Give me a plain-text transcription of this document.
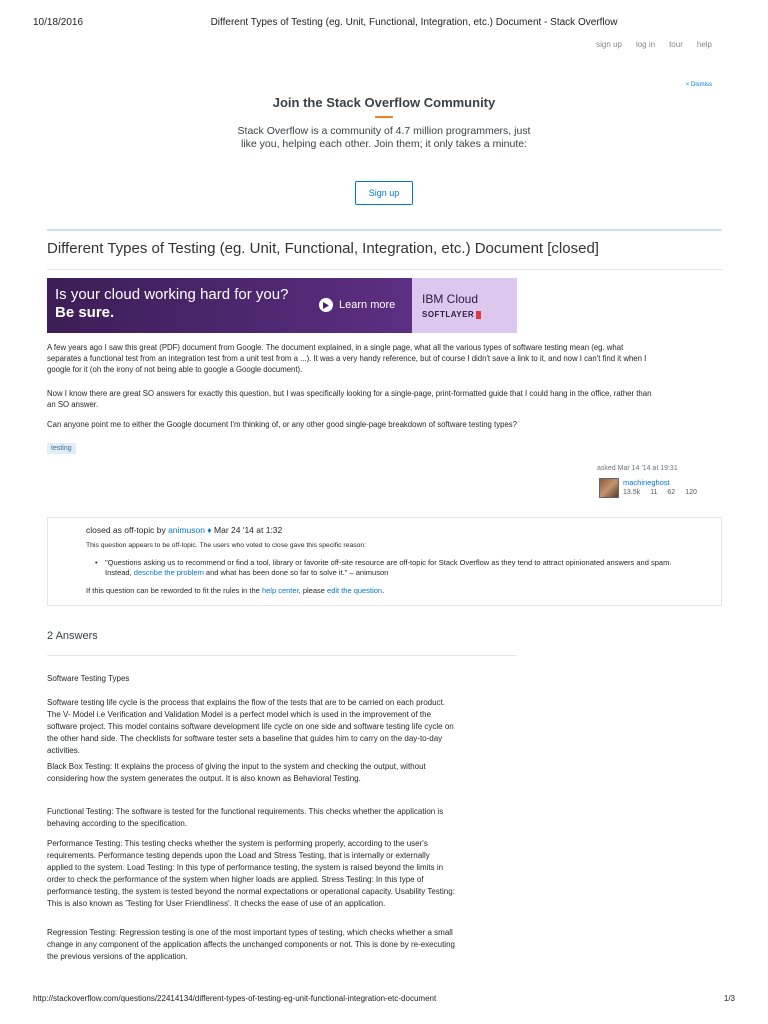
10/18/2016	Different Types of Testing (eg. Unit, Functional, Integration, etc.) Document - Stack Overflow
sign up log in tour help
× Dismiss
Join the Stack Overflow Community
Stack Overflow is a community of 4.7 million programmers, just like you, helping each other. Join them; it only takes a minute:
Sign up
Different Types of Testing (eg. Unit, Functional, Integration, etc.) Document [closed]
Is your cloud working hard for you?
Be sure.	Learn more IBM Cloud
SOFTLAYER

A few years ago I saw this great (PDF) document from Google. The document explained, in a single page, what all the various types of software testing mean (eg. what separates a functional test from an integration test from a unit test from a ...). It was a very handy reference, but of course I didn't save a link to it, and now I can't find it when I google for it (oh the irony of not being able to google a Google document).

Now I know there are great SO answers for exactly this question, but I was specifically looking for a single-page, print-formatted guide that I could hang in the office, rather than an SO answer.

Can anyone point me to either the Google document I'm thinking of, or any other good single-page breakdown of software testing types?

testing
asked Mar 14 '14 at 19:31
machineghost
13.5k 11 62 120
closed as off-topic by animuson ♦ Mar 24 '14 at 1:32
This question appears to be off-topic. The users who voted to close gave this specific reason:
• "Questions asking us to recommend or find a tool, library or favorite off-site resource are off-topic for Stack Overflow as they tend to attract opinionated answers and spam. Instead, describe the problem and what has been done so far to solve it." – animuson
If this question can be reworded to fit the rules in the help center, please edit the question.
2 Answers

Software Testing Types

Software testing life cycle is the process that explains the flow of the tests that are to be carried on each product. The V- Model i.e Verification and Validation Model is a perfect model which is used in the improvement of the software project. This model contains software development life cycle on one side and software testing life cycle on the other hand side. The checklists for software tester sets a baseline that guides him to carry on the day-to-day activities.

Black Box Testing: It explains the process of giving the input to the system and checking the output, without considering how the system generates the output. It is also known as Behavioral Testing.

Functional Testing: The software is tested for the functional requirements. This checks whether the application is behaving according to the specification.

Performance Testing: This testing checks whether the system is performing properly, according to the user's requirements. Performance testing depends upon the Load and Stress Testing, that is internally or externally applied to the system. Load Testing: In this type of performance testing, the system is raised beyond the limits in order to check the performance of the system when higher loads are applied. Stress Testing: In this type of performance testing, the system is tested beyond the normal expectations or operational capacity. Usability Testing: This is also known as 'Testing for User Friendliness'. It checks the ease of use of an application.

Regression Testing: Regression testing is one of the most important types of testing, which checks whether a small change in any component of the application affects the unchanged components or not. This is done by re-executing the previous versions of the application.

http://stackoverflow.com/questions/22414134/different-types-of-testing-eg-unit-functional-integration-etc-document	1/3
